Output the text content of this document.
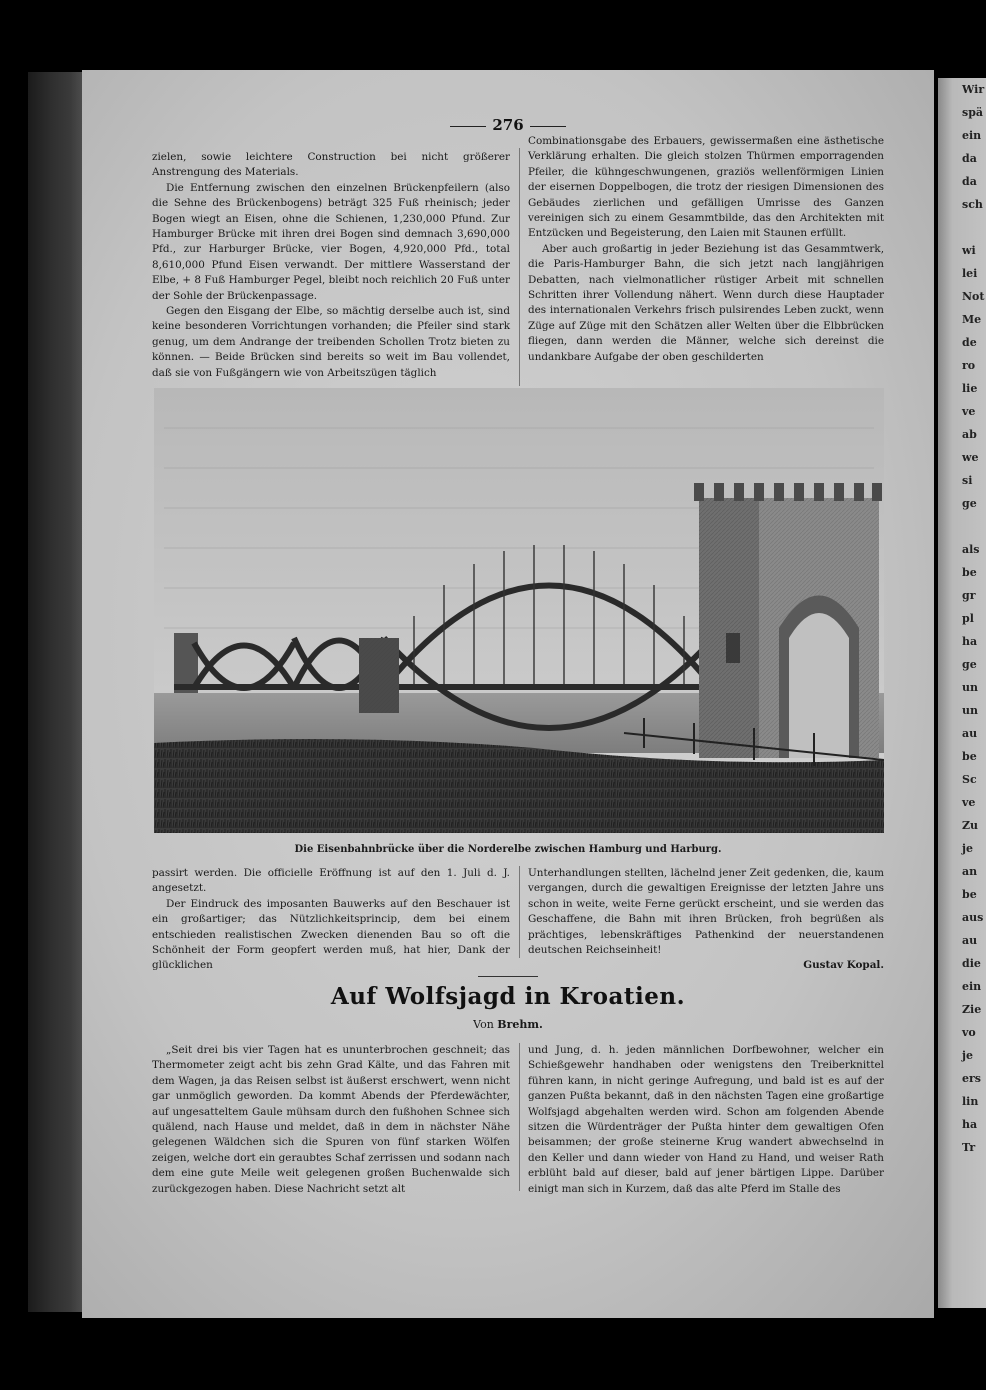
Wir
spä
ein
da
da
sch

wi
lei
Not
Me
de
ro
lie
ve
ab
we
si
ge

als
be
gr
pl
ha
ge
un
un
au
be
Sc
ve
Zu
je
an
be
aus
au
die
ein
Zie
vo
je
ers
lin
ha
Tr
276

zielen, sowie leichtere Construction bei nicht größerer Anstrengung des Materials.

Die Entfernung zwischen den einzelnen Brückenpfeilern (also die Sehne des Brückenbogens) beträgt 325 Fuß rheinisch; jeder Bogen wiegt an Eisen, ohne die Schienen, 1,230,000 Pfund. Zur Hamburger Brücke mit ihren drei Bogen sind demnach 3,690,000 Pfd., zur Harburger Brücke, vier Bogen, 4,920,000 Pfd., total 8,610,000 Pfund Eisen verwandt. Der mittlere Wasserstand der Elbe, + 8 Fuß Hamburger Pegel, bleibt noch reichlich 20 Fuß unter der Sohle der Brückenpassage.

Gegen den Eisgang der Elbe, so mächtig derselbe auch ist, sind keine besonderen Vorrichtungen vorhanden; die Pfeiler sind stark genug, um dem Andrange der treibenden Schollen Trotz bieten zu können. — Beide Brücken sind bereits so weit im Bau vollendet, daß sie von Fußgängern wie von Arbeitszügen täglich

Combinationsgabe des Erbauers, gewissermaßen eine ästhetische Verklärung erhalten. Die gleich stolzen Thürmen emporragenden Pfeiler, die kühngeschwungenen, graziös wellenförmigen Linien der eisernen Doppelbogen, die trotz der riesigen Dimensionen des Gebäudes zierlichen und gefälligen Umrisse des Ganzen vereinigen sich zu einem Gesammtbilde, das den Architekten mit Entzücken und Begeisterung, den Laien mit Staunen erfüllt.

Aber auch großartig in jeder Beziehung ist das Gesammtwerk, die Paris-Hamburger Bahn, die sich jetzt nach langjährigen Debatten, nach vielmonatlicher rüstiger Arbeit mit schnellen Schritten ihrer Vollendung nähert. Wenn durch diese Hauptader des internationalen Verkehrs frisch pulsirendes Leben zuckt, wenn Züge auf Züge mit den Schätzen aller Welten über die Elbbrücken fliegen, dann werden die Männer, welche sich dereinst die undankbare Aufgabe der oben geschilderten

Die Eisenbahnbrücke über die Norderelbe zwischen Hamburg und Harburg.

passirt werden. Die officielle Eröffnung ist auf den 1. Juli d. J. angesetzt.

Der Eindruck des imposanten Bauwerks auf den Beschauer ist ein großartiger; das Nützlichkeitsprincip, dem bei einem entschieden realistischen Zwecken dienenden Bau so oft die Schönheit der Form geopfert werden muß, hat hier, Dank der glücklichen

Unterhandlungen stellten, lächelnd jener Zeit gedenken, die, kaum vergangen, durch die gewaltigen Ereignisse der letzten Jahre uns schon in weite, weite Ferne gerückt erscheint, und sie werden das Geschaffene, die Bahn mit ihren Brücken, froh begrüßen als prächtiges, lebenskräftiges Pathenkind der neuerstandenen deutschen Reichseinheit!

Gustav Kopal.

Auf Wolfsjagd in Kroatien.
Von Brehm.

„Seit drei bis vier Tagen hat es ununterbrochen geschneit; das Thermometer zeigt acht bis zehn Grad Kälte, und das Fahren mit dem Wagen, ja das Reisen selbst ist äußerst erschwert, wenn nicht gar unmöglich geworden. Da kommt Abends der Pferdewächter, auf ungesatteltem Gaule mühsam durch den fußhohen Schnee sich quälend, nach Hause und meldet, daß in dem in nächster Nähe gelegenen Wäldchen sich die Spuren von fünf starken Wölfen zeigen, welche dort ein geraubtes Schaf zerrissen und sodann nach dem eine gute Meile weit gelegenen großen Buchenwalde sich zurückgezogen haben. Diese Nachricht setzt alt

und Jung, d. h. jeden männlichen Dorfbewohner, welcher ein Schießgewehr handhaben oder wenigstens den Treiberknittel führen kann, in nicht geringe Aufregung, und bald ist es auf der ganzen Pußta bekannt, daß in den nächsten Tagen eine großartige Wolfsjagd abgehalten werden wird. Schon am folgenden Abende sitzen die Würdenträger der Pußta hinter dem gewaltigen Ofen beisammen; der große steinerne Krug wandert abwechselnd in den Keller und dann wieder von Hand zu Hand, und weiser Rath erblüht bald auf dieser, bald auf jener bärtigen Lippe. Darüber einigt man sich in Kurzem, daß das alte Pferd im Stalle des
